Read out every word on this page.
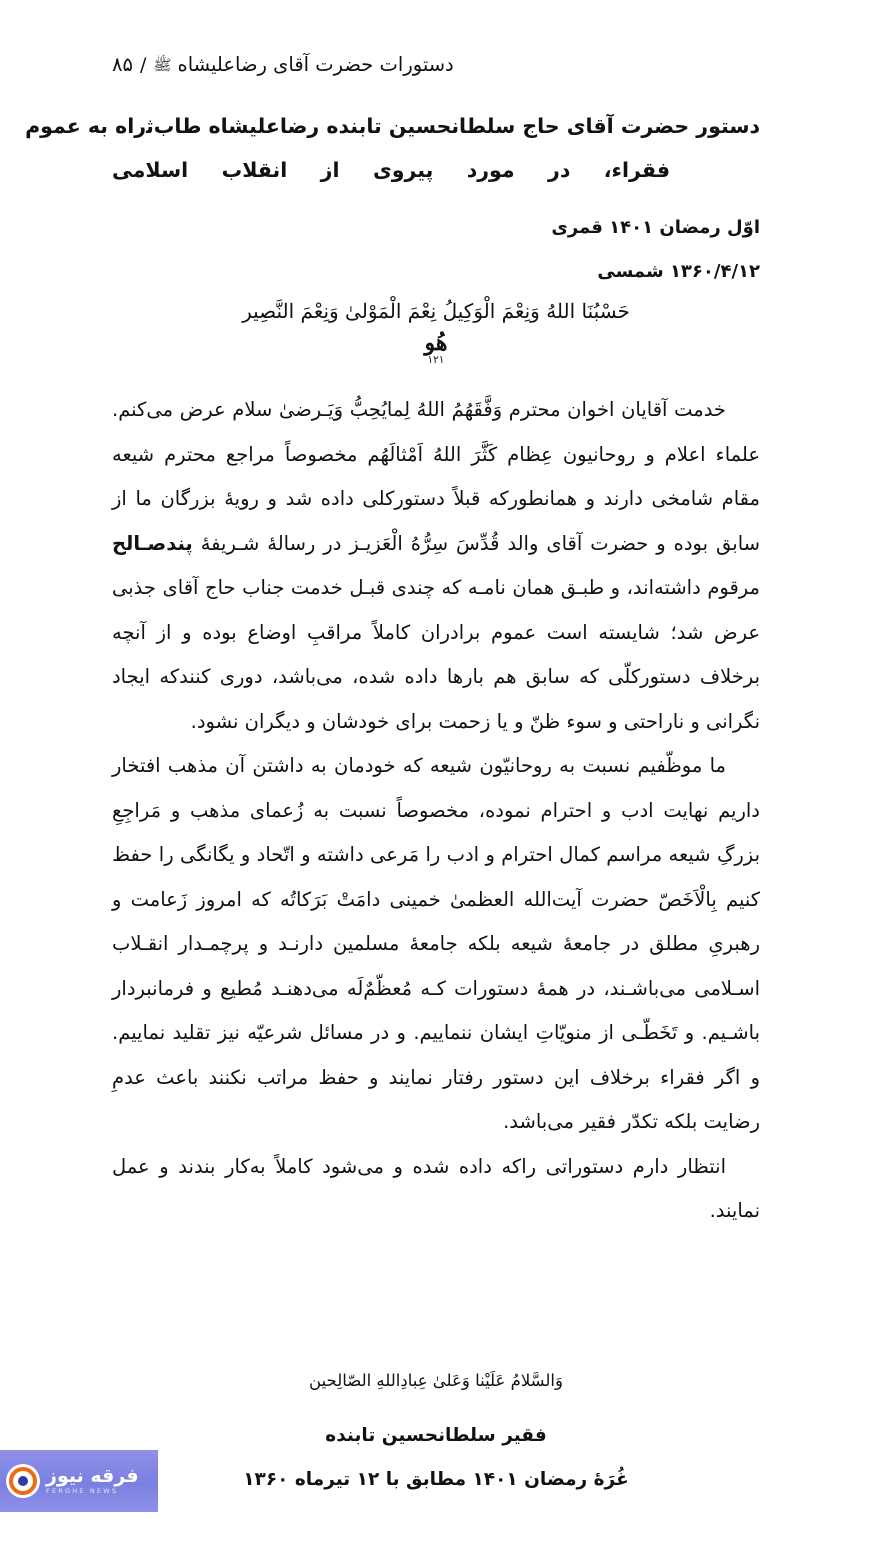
۸۵ / ﷺ دستورات حضرت آقای رضاعلیشاه
دستور حضرت آقای حاج سلطانحسین تابنده رضاعلیشاه طابﺛراه به عموم
فقراء، در مورد پیروی از انقلاب اسلامی
اوّل رمضان ۱۴۰۱ قمری
۱۳۶۰/۴/۱۲ شمسی
حَسْبُنَا اللهُ وَنِعْمَ الْوَكِيلُ نِعْمَ الْمَوْلىٰ وَنِعْمَ النَّصِير
هُو
۱۲۱

خدمت آقایان اخوان محترم وَفَّقَهُمُ اللهُ لِمایُحِبُّ وَیَـرضىٰ سلام عرض مى‌کنم. علماء اعلام و روحانیون عِظام کَثَّرَ اللهُ اَمْثالَهُم مخصوصاً مراجع محترم شیعه مقام شامخى دارند و همانطورکه قبلاً دستورکلى داده شد و رویهٔ بزرگان ما از سابق بوده و حضرت آقای والد قُدِّسَ سِرُّهُ الْعَزیـز در رسالهٔ شـریفهٔ پندصـالح مرقوم داشته‌اند، و طبـق همان نامـه که چندی قبـل خدمت جناب حاج آقای جذبی عرض شد؛ شایسته است عموم برادران کاملاً مراقبِ اوضاع بوده و از آنچه برخلاف دستورکلّى که سابق هم بارها داده شده، مى‌باشد، دوری کنندکه ایجاد نگرانى و ناراحتى و سوء ظنّ و یا زحمت برای خودشان و دیگران نشود.

ما موظّفیم نسبت به روحانیّون شیعه که خودمان به داشتن آن مذهب افتخار داریم نهایت ادب و احترام نموده، مخصوصاً نسبت به زُعمای مذهب و مَراجِعِ بزرگِ شیعه مراسم کمال احترام و ادب را مَرعى داشته و اتّحاد و یگانگى را حفظ کنیم بِالْاَخَصّ حضرت آیت‌الله العظمىٰ خمینى دامَتْ بَرَکاتُه که امروز زَعامت و رهبریِ مطلق در جامعهٔ شیعه بلکه جامعهٔ مسلمین دارنـد و پرچمـدار انقـلاب اسـلامى مى‌باشـند، در همهٔ دستورات کـه مُعظّمٌ‌لَه مى‌دهنـد مُطیع و فرمانبردار باشـیم. و تَخَطّـى از منویّاتِ ایشان ننماییم. و در مسائل شرعیّه نیز تقلید نماییم. و اگر فقراء برخلاف این دستور رفتار نمایند و حفظ مراتب نکنند باعث عدمِ رضایت بلکه تکدّر فقیر مى‌باشد.

انتظار دارم دستوراتى راکه داده شده و مى‌شود کاملاً به‌کار بندند و عمل نمایند.

وَالسَّلامُ عَلَیْنا وَعَلىٰ عِبادِاللهِ الصّالِحین
فقیر سلطانحسین تابنده
غُرَهٔ رمضان ۱۴۰۱ مطابق با ۱۲ تیرماه ۱۳۶۰
فرقه نیوز
FERGHE NEWS
